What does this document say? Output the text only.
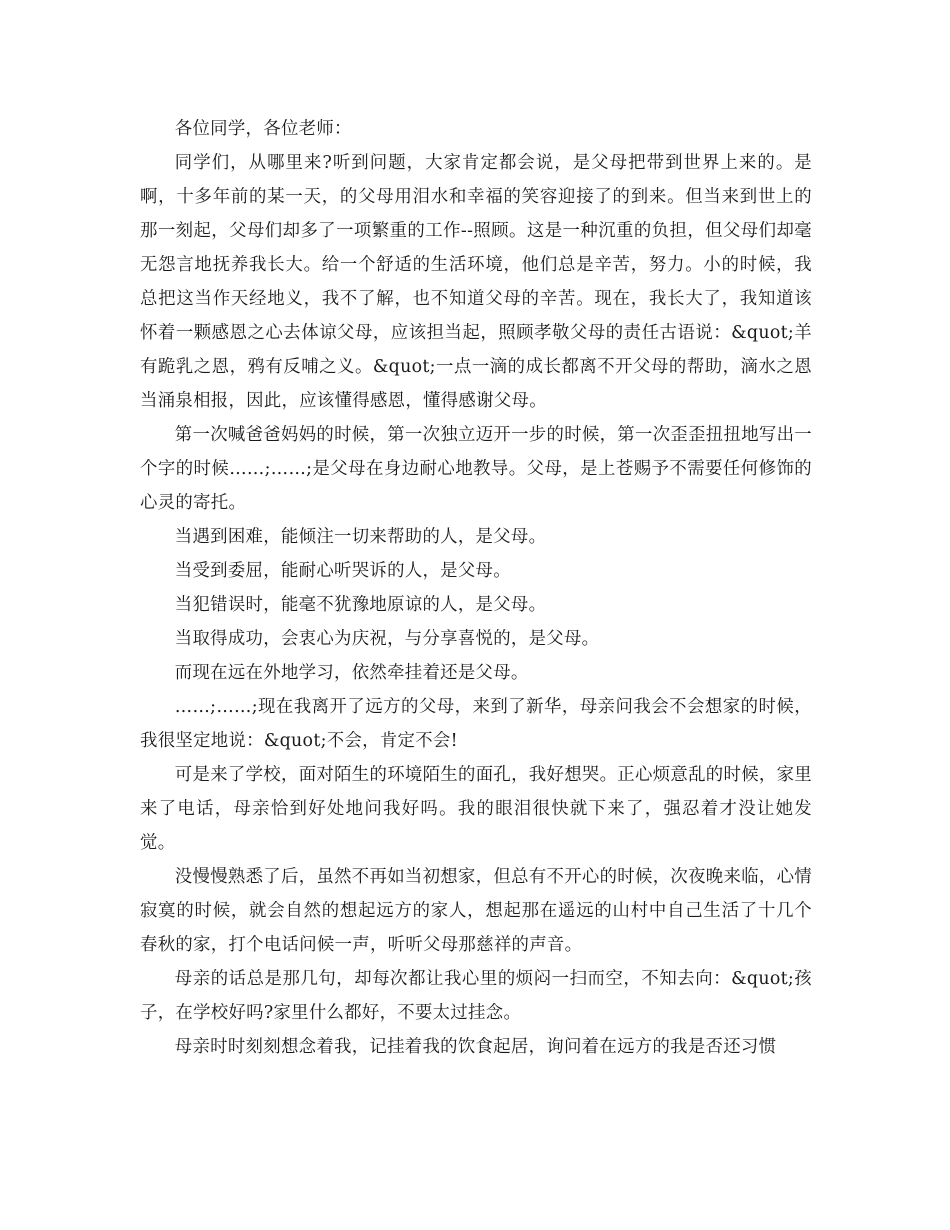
各位同学，各位老师：

同学们，从哪里来?听到问题，大家肯定都会说，是父母把带到世界上来的。是啊，十多年前的某一天，的父母用泪水和幸福的笑容迎接了的到来。但当来到世上的那一刻起，父母们却多了一项繁重的工作--照顾。这是一种沉重的负担，但父母们却毫无怨言地抚养我长大。给一个舒适的生活环境，他们总是辛苦，努力。小的时候，我总把这当作天经地义，我不了解，也不知道父母的辛苦。现在，我长大了，我知道该怀着一颗感恩之心去体谅父母，应该担当起，照顾孝敬父母的责任古语说：&quot;羊有跪乳之恩，鸦有反哺之义。&quot;一点一滴的成长都离不开父母的帮助，滴水之恩当涌泉相报，因此，应该懂得感恩，懂得感谢父母。

第一次喊爸爸妈妈的时候，第一次独立迈开一步的时候，第一次歪歪扭扭地写出一个字的时候……;……;是父母在身边耐心地教导。父母，是上苍赐予不需要任何修饰的心灵的寄托。

当遇到困难，能倾注一切来帮助的人，是父母。

当受到委屈，能耐心听哭诉的人，是父母。

当犯错误时，能毫不犹豫地原谅的人，是父母。

当取得成功，会衷心为庆祝，与分享喜悦的，是父母。

而现在远在外地学习，依然牵挂着还是父母。

……;……;现在我离开了远方的父母，来到了新华，母亲问我会不会想家的时候，我很坚定地说：&quot;不会，肯定不会!

可是来了学校，面对陌生的环境陌生的面孔，我好想哭。正心烦意乱的时候，家里来了电话，母亲恰到好处地问我好吗。我的眼泪很快就下来了，强忍着才没让她发觉。

没慢慢熟悉了后，虽然不再如当初想家，但总有不开心的时候，次夜晚来临，心情寂寞的时候，就会自然的想起远方的家人，想起那在遥远的山村中自己生活了十几个春秋的家，打个电话问候一声，听听父母那慈祥的声音。

母亲的话总是那几句，却每次都让我心里的烦闷一扫而空，不知去向：&quot;孩子，在学校好吗?家里什么都好，不要太过挂念。

母亲时时刻刻想念着我，记挂着我的饮食起居，询问着在远方的我是否还习惯
